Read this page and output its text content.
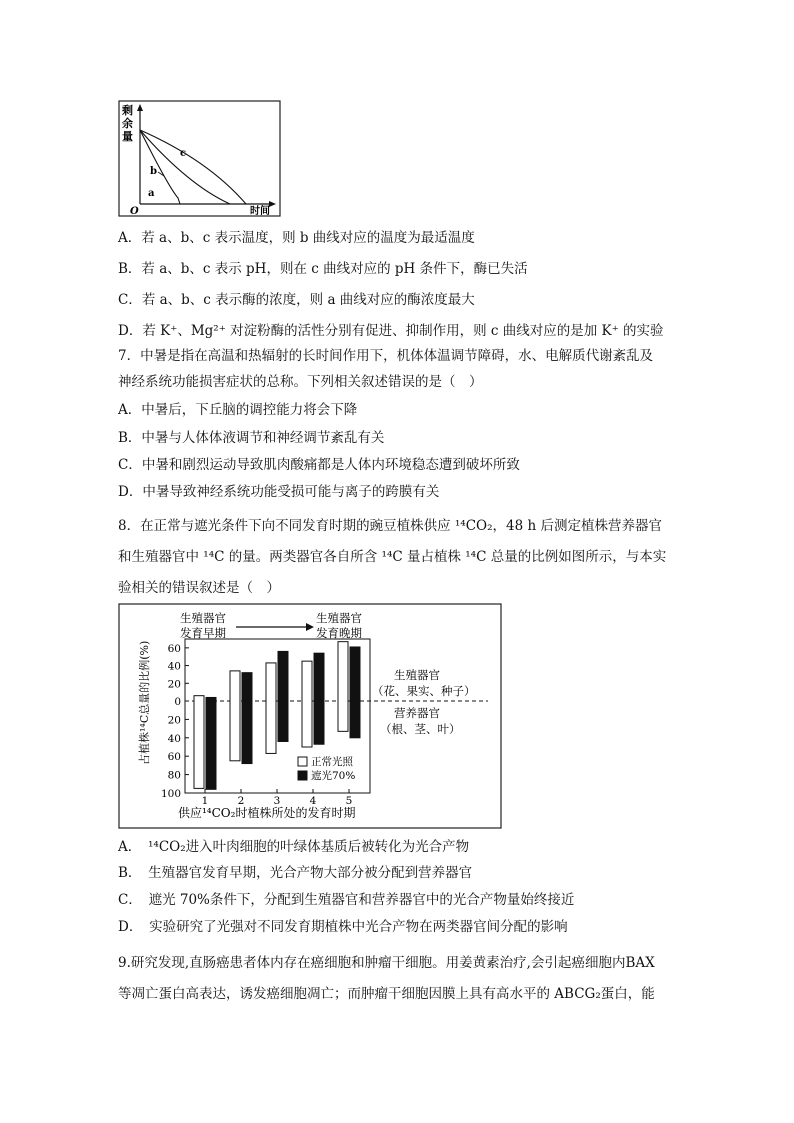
剩
余
量
O	时间
a
b
c
A．若 a、b、c 表示温度，则 b 曲线对应的温度为最适温度
B．若 a、b、c 表示 pH，则在 c 曲线对应的 pH 条件下，酶已失活
C．若 a、b、c 表示酶的浓度，则 a 曲线对应的酶浓度最大
D．若 K⁺、Mg²⁺ 对淀粉酶的活性分别有促进、抑制作用，则 c 曲线对应的是加 K⁺ 的实验
7．中暑是指在高温和热辐射的长时间作用下，机体体温调节障碍，水、电解质代谢紊乱及
神经系统功能损害症状的总称。下列相关叙述错误的是（　）
A．中暑后，下丘脑的调控能力将会下降
B．中暑与人体体液调节和神经调节紊乱有关
C．中暑和剧烈运动导致肌肉酸痛都是人体内环境稳态遭到破坏所致
D．中暑导致神经系统功能受损可能与离子的跨膜有关
8．在正常与遮光条件下向不同发育时期的豌豆植株供应 ¹⁴CO₂，48 h 后测定植株营养器官
和生殖器官中 ¹⁴C 的量。两类器官各自所含 ¹⁴C 量占植株 ¹⁴C 总量的比例如图所示，与本实
验相关的错误叙述是（　）
生殖器官
发育早期
生殖器官
发育晚期
20
40
60
0
20
40
60
80
100
1	2	3	4	5
占植株¹⁴C总量的比例(%)	生殖器官
（花、果实、种子）
营养器官
（根、茎、叶）
正常光照
遮光70%
供应¹⁴CO₂时植株所处的发育时期
A．　¹⁴CO₂进入叶肉细胞的叶绿体基质后被转化为光合产物
B．　生殖器官发育早期，光合产物大部分被分配到营养器官
C．　遮光 70%条件下，分配到生殖器官和营养器官中的光合产物量始终接近
D．　实验研究了光强对不同发育期植株中光合产物在两类器官间分配的影响
9.研究发现,直肠癌患者体内存在癌细胞和肿瘤干细胞。用姜黄素治疗,会引起癌细胞内BAX
等凋亡蛋白高表达，诱发癌细胞凋亡；而肿瘤干细胞因膜上具有高水平的 ABCG₂蛋白，能
